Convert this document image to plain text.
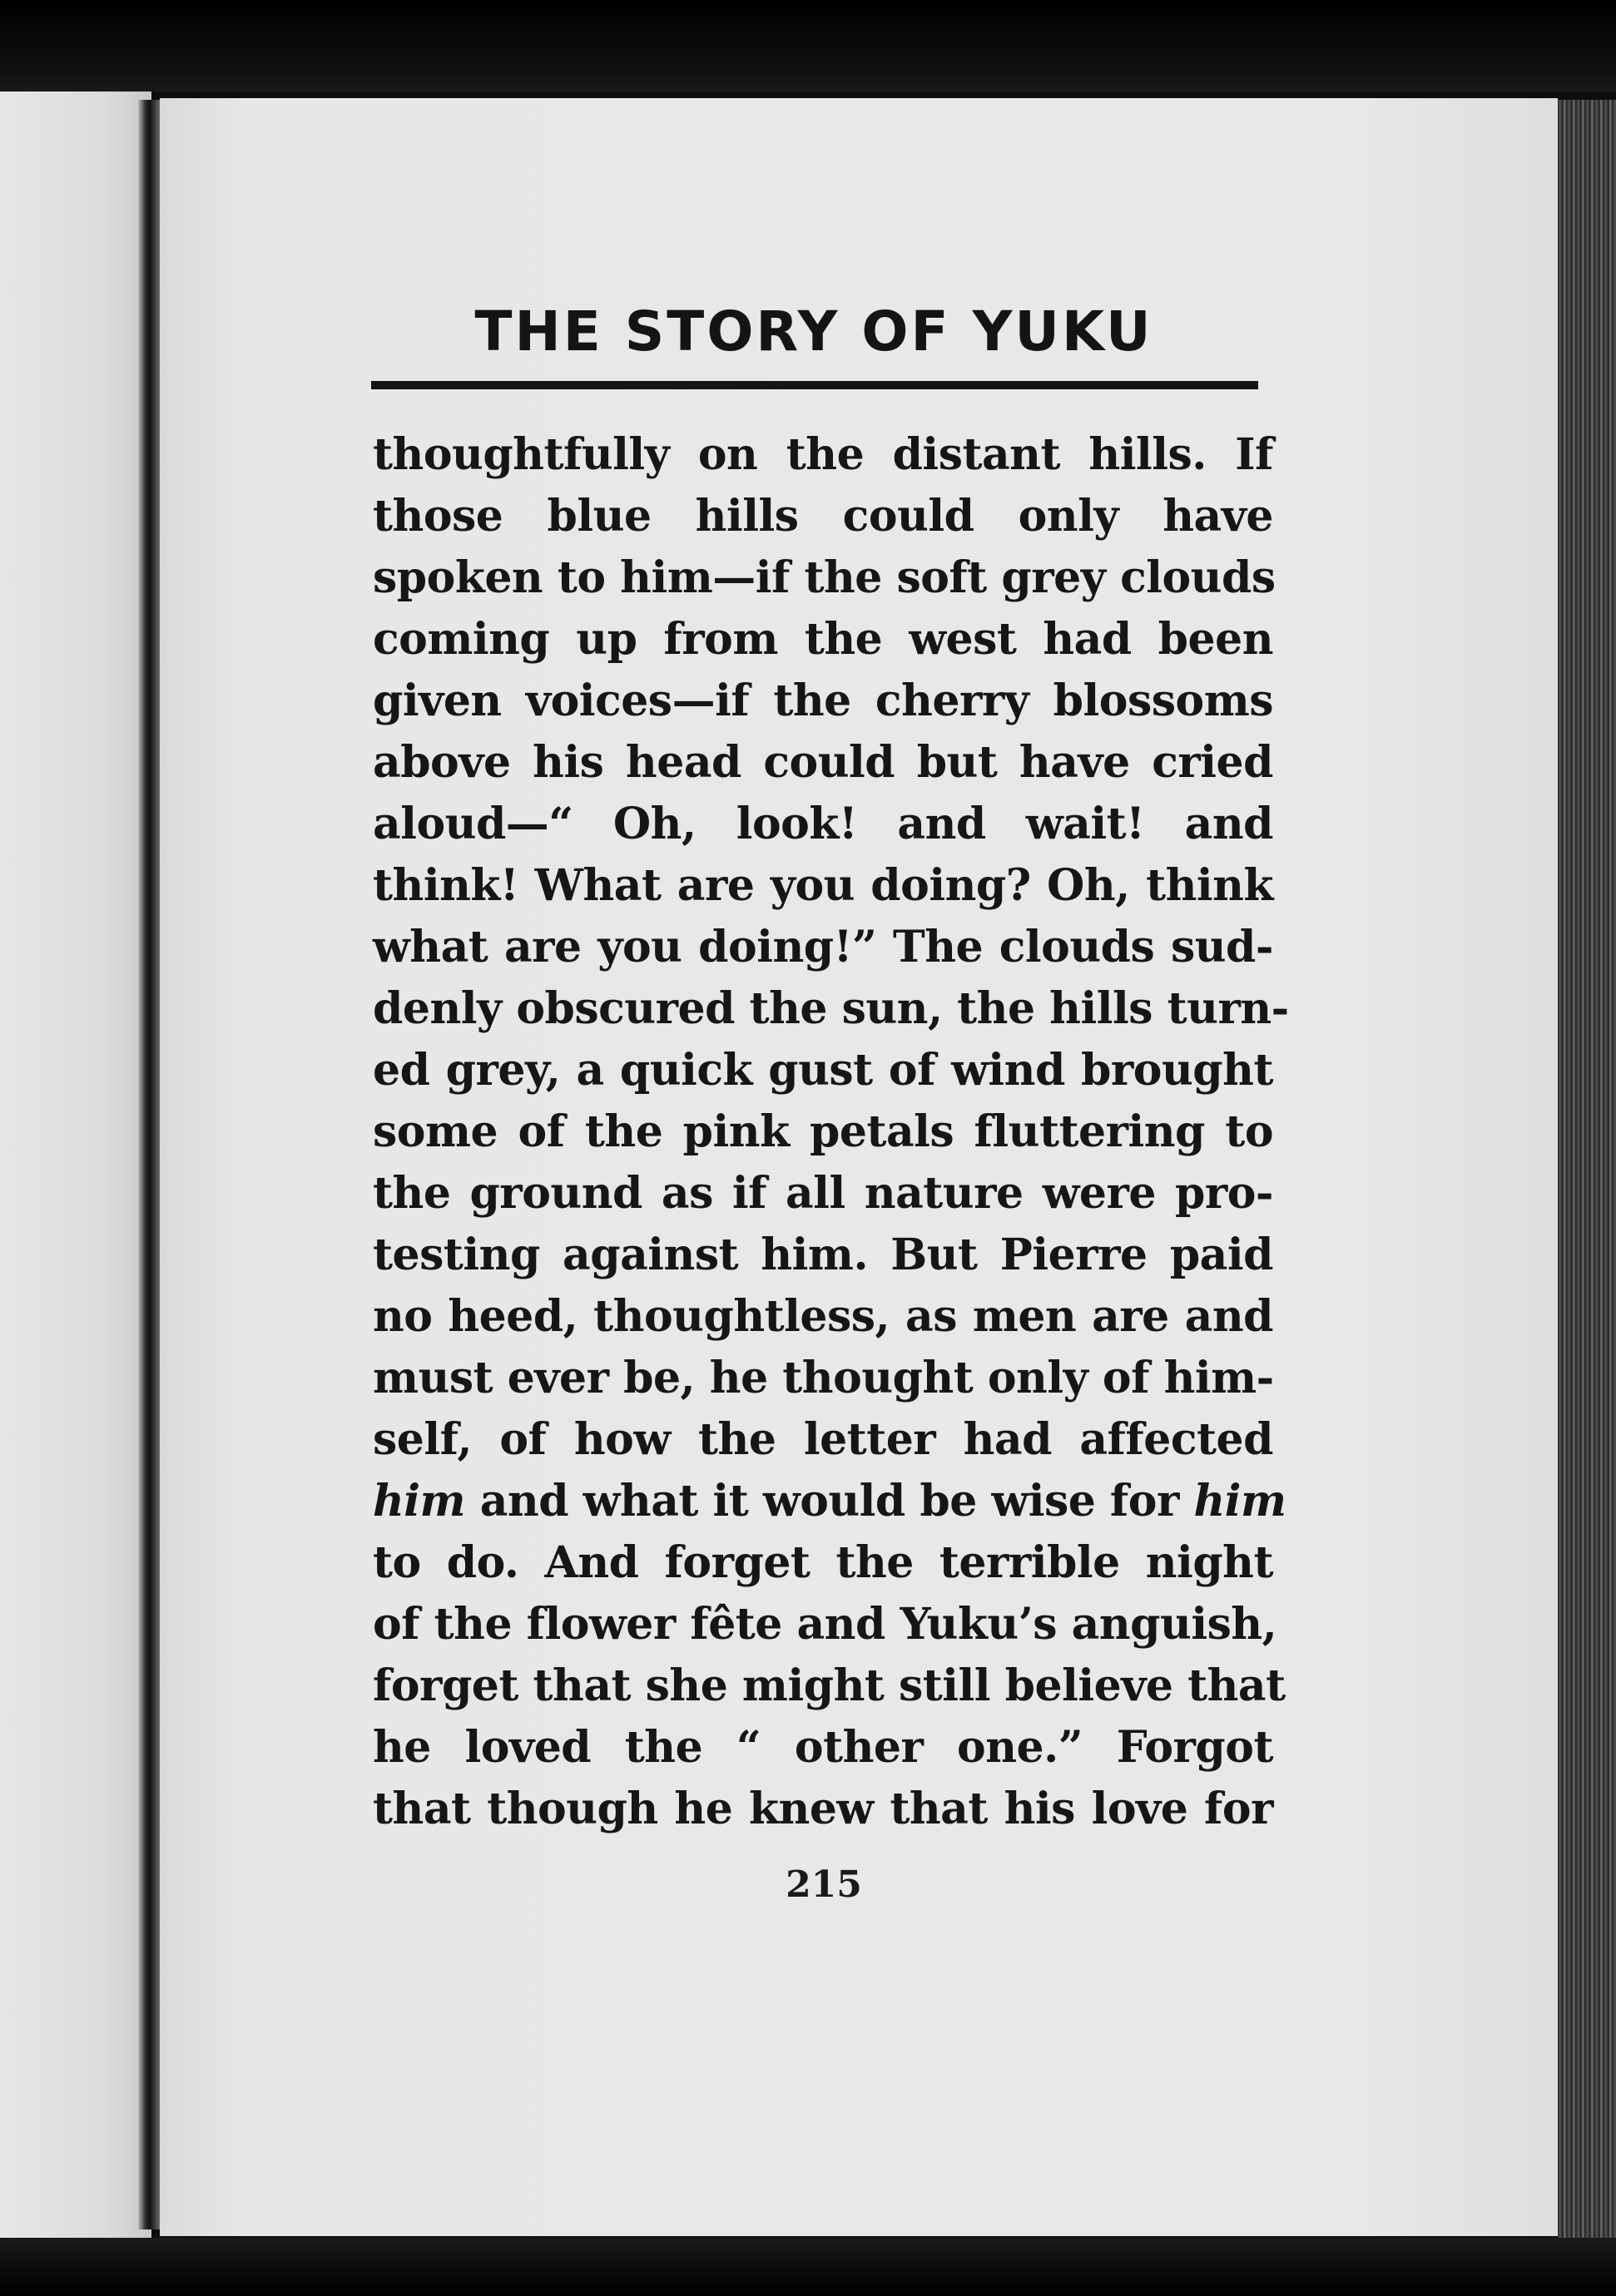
THE STORY OF YUKU
thoughtfully on the distant hills. If
those blue hills could only have
spoken to him—if the soft grey clouds
coming up from the west had been
given voices—if the cherry blossoms
above his head could but have cried
aloud—“ Oh, look! and wait! and
think! What are you doing? Oh, think
what are you doing!” The clouds sud-
denly obscured the sun, the hills turn-
ed grey, a quick gust of wind brought
some of the pink petals fluttering to
the ground as if all nature were pro-
testing against him. But Pierre paid
no heed, thoughtless, as men are and
must ever be, he thought only of him-
self, of how the letter had affected
him and what it would be wise for him
to do. And forget the terrible night
of the flower fête and Yuku’s anguish,
forget that she might still believe that
he loved the “ other one.” Forgot
that though he knew that his love for

215
